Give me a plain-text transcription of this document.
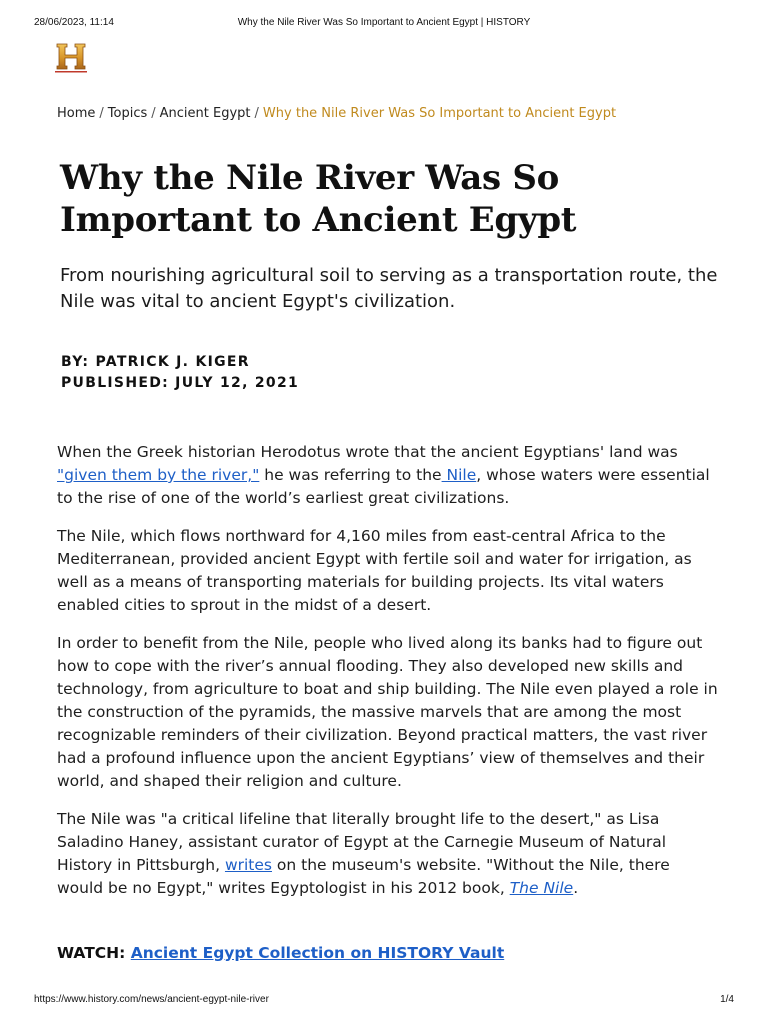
28/06/2023, 11:14	Why the Nile River Was So Important to Ancient Egypt | HISTORY
Home / Topics / Ancient Egypt / Why the Nile River Was So Important to Ancient Egypt
Why the Nile River Was So Important to Ancient Egypt

From nourishing agricultural soil to serving as a transportation route, the Nile was vital to ancient Egypt's civilization.

BY: PATRICK J. KIGER
PUBLISHED: JULY 12, 2021

When the Greek historian Herodotus wrote that the ancient Egyptians' land was "given them by the river," he was referring to the Nile, whose waters were essential to the rise of one of the world’s earliest great civilizations.

The Nile, which flows northward for 4,160 miles from east-central Africa to the Mediterranean, provided ancient Egypt with fertile soil and water for irrigation, as well as a means of transporting materials for building projects. Its vital waters enabled cities to sprout in the midst of a desert.

In order to benefit from the Nile, people who lived along its banks had to figure out how to cope with the river’s annual flooding. They also developed new skills and technology, from agriculture to boat and ship building. The Nile even played a role in the construction of the pyramids, the massive marvels that are among the most recognizable reminders of their civilization. Beyond practical matters, the vast river had a profound influence upon the ancient Egyptians’ view of themselves and their world, and shaped their religion and culture.

The Nile was "a critical lifeline that literally brought life to the desert," as Lisa Saladino Haney, assistant curator of Egypt at the Carnegie Museum of Natural History in Pittsburgh, writes on the museum's website. "Without the Nile, there would be no Egypt," writes Egyptologist in his 2012 book, The Nile.

WATCH: Ancient Egypt Collection on HISTORY Vault
https://www.history.com/news/ancient-egypt-nile-river	1/4
